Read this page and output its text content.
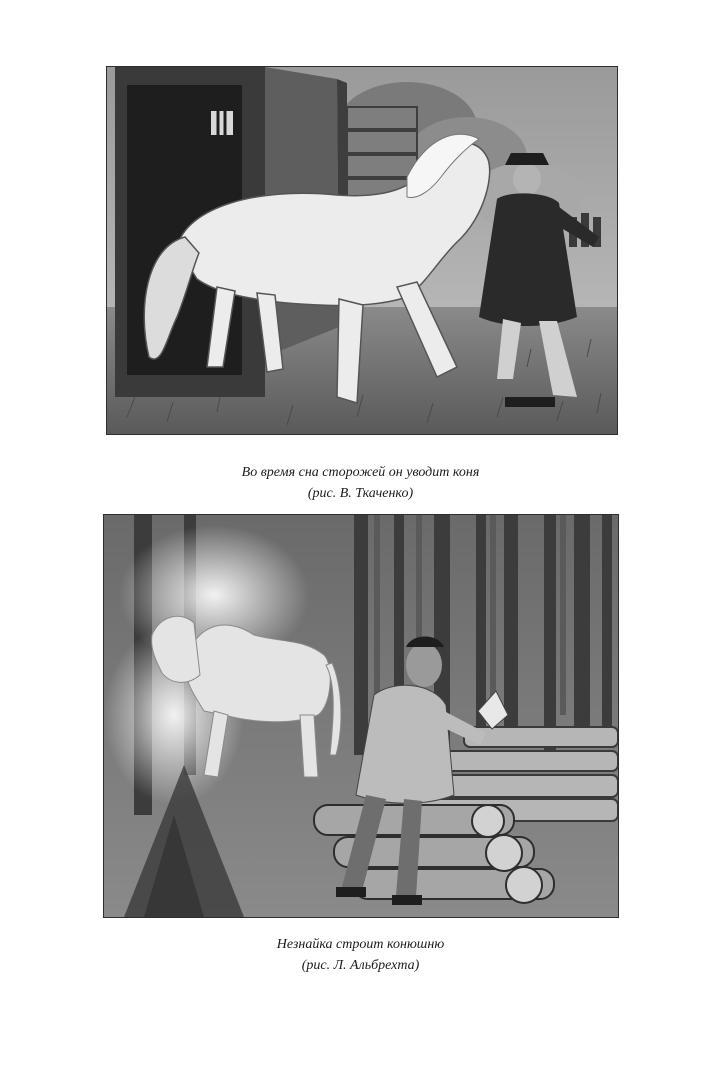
Во время сна сторожей он уводит коня
(рис. В. Ткаченко)
Незнайка строит конюшню
(рис. Л. Альбрехта)
